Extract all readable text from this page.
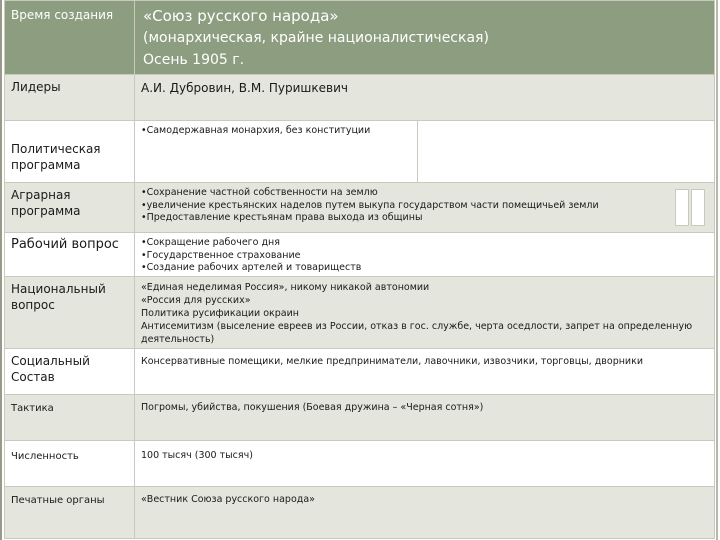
Время создания	«Союз русского народа»
(монархическая, крайне националистическая)
Осень 1905 г.

Лидеры	А.И. Дубровин, В.М. Пуришкевич

Политическая программа	•Самодержавная монархия, без конституции

Аграрная программа	•Сохранение частной собственности на землю
•увеличение крестьянских наделов путем выкупа государством части помещичьей земли
•Предоставление крестьянам права выхода из общины

Рабочий вопрос	•Сокращение рабочего дня
•Государственное страхование
•Создание рабочих артелей и товариществ

Национальный вопрос	«Единая неделимая Россия», никому никакой автономии
«Россия для русских»
Политика русификации окраин
Антисемитизм (выселение евреев из России, отказ в гос. службе, черта оседлости, запрет на определенную
деятельность)

Социальный Состав	Консервативные помещики, мелкие предприниматели, лавочники, извозчики, торговцы, дворники

Тактика	Погромы, убийства, покушения (Боевая дружина – «Черная сотня»)

Численность	100 тысяч (300 тысяч)

Печатные органы	«Вестник Союза русского народа»
